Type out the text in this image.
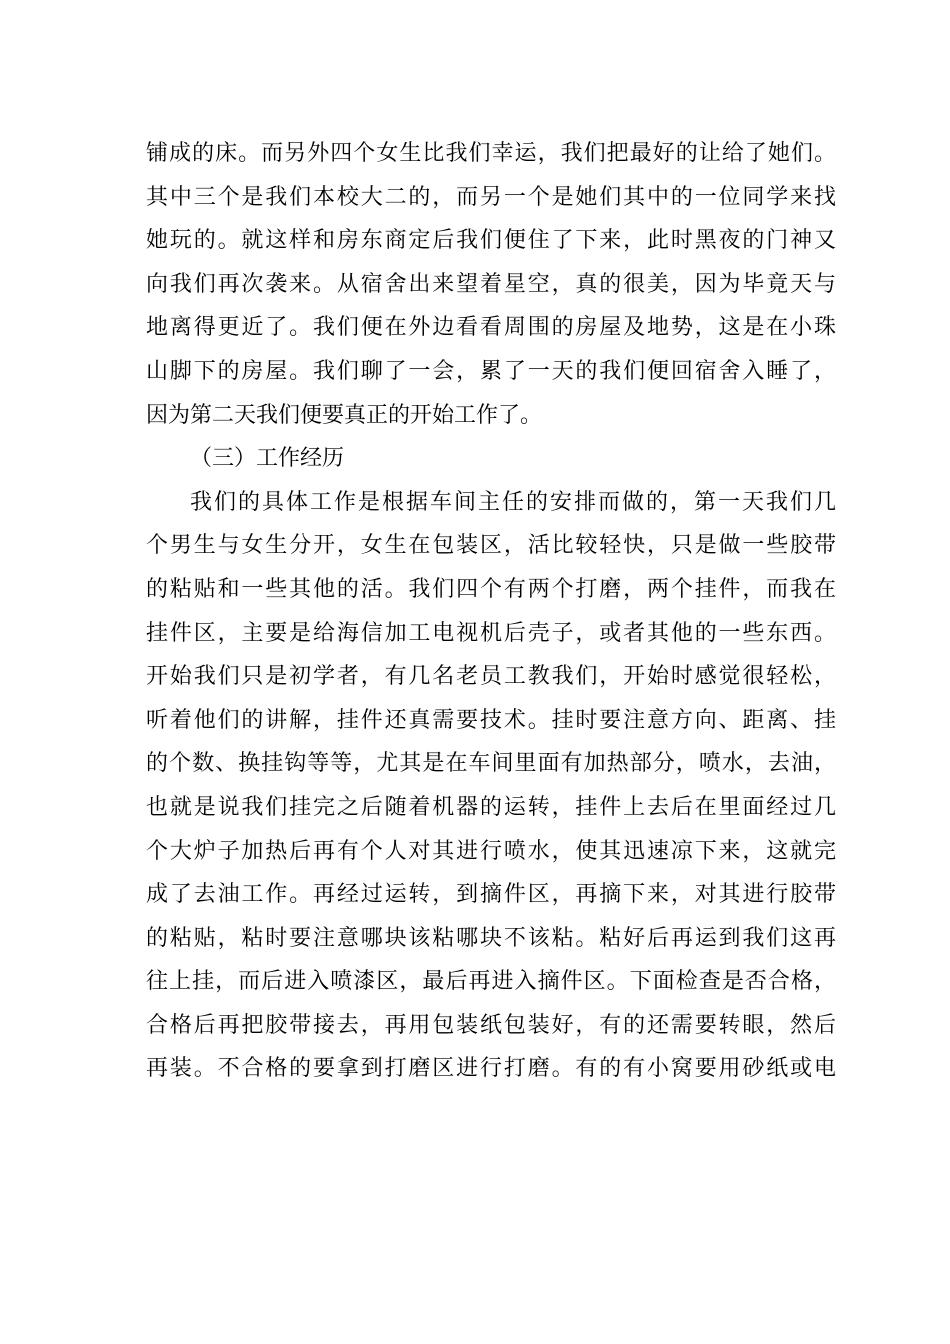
铺成的床。而另外四个女生比我们幸运，我们把最好的让给了她们。
其中三个是我们本校大二的，而另一个是她们其中的一位同学来找
她玩的。就这样和房东商定后我们便住了下来，此时黑夜的门神又
向我们再次袭来。从宿舍出来望着星空，真的很美，因为毕竟天与
地离得更近了。我们便在外边看看周围的房屋及地势，这是在小珠
山脚下的房屋。我们聊了一会，累了一天的我们便回宿舍入睡了，
因为第二天我们便要真正的开始工作了。
（三）工作经历
我们的具体工作是根据车间主任的安排而做的，第一天我们几
个男生与女生分开，女生在包装区，活比较轻快，只是做一些胶带
的粘贴和一些其他的活。我们四个有两个打磨，两个挂件，而我在
挂件区，主要是给海信加工电视机后壳子，或者其他的一些东西。
开始我们只是初学者，有几名老员工教我们，开始时感觉很轻松，
听着他们的讲解，挂件还真需要技术。挂时要注意方向、距离、挂
的个数、换挂钩等等，尤其是在车间里面有加热部分，喷水，去油，
也就是说我们挂完之后随着机器的运转，挂件上去后在里面经过几
个大炉子加热后再有个人对其进行喷水，使其迅速凉下来，这就完
成了去油工作。再经过运转，到摘件区，再摘下来，对其进行胶带
的粘贴，粘时要注意哪块该粘哪块不该粘。粘好后再运到我们这再
往上挂，而后进入喷漆区，最后再进入摘件区。下面检查是否合格，
合格后再把胶带接去，再用包装纸包装好，有的还需要转眼，然后
再装。不合格的要拿到打磨区进行打磨。有的有小窝要用砂纸或电
